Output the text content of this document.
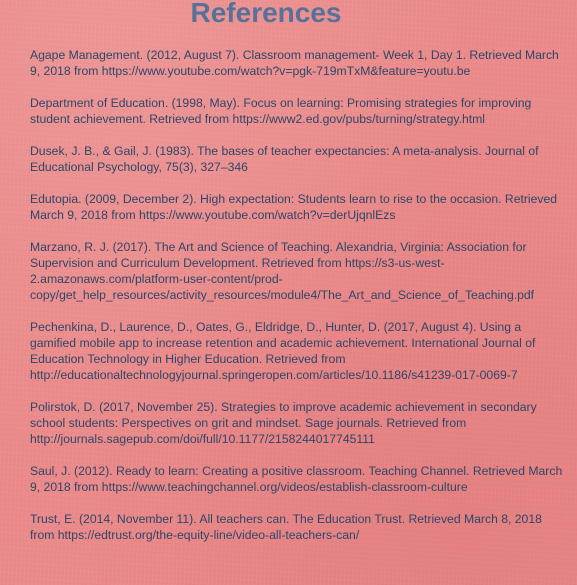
References
Agape Management. (2012, August 7). Classroom management- Week 1, Day 1. Retrieved March 9, 2018 from https://www.youtube.com/watch?v=pgk-719mTxM&feature=youtu.be
Department of Education. (1998, May). Focus on learning: Promising strategies for improving student achievement. Retrieved from https://www2.ed.gov/pubs/turning/strategy.html
Dusek, J. B., & Gail, J. (1983). The bases of teacher expectancies: A meta-analysis. Journal of Educational Psychology, 75(3), 327–346
Edutopia. (2009, December 2). High expectation: Students learn to rise to the occasion. Retrieved March 9, 2018 from https://www.youtube.com/watch?v=derUjqnlEzs
Marzano, R. J. (2017). The Art and Science of Teaching. Alexandria, Virginia: Association for Supervision and Curriculum Development. Retrieved from https://s3-us-west-2.amazonaws.com/platform-user-content/prod-copy/get_help_resources/activity_resources/module4/The_Art_and_Science_of_Teaching.pdf
Pechenkina, D., Laurence, D., Oates, G., Eldridge, D., Hunter, D. (2017, August 4). Using a gamified mobile app to increase retention and academic achievement. International Journal of Education Technology in Higher Education. Retrieved from http://educationaltechnologyjournal.springeropen.com/articles/10.1186/s41239-017-0069-7
Polirstok, D. (2017, November 25). Strategies to improve academic achievement in secondary school students: Perspectives on grit and mindset. Sage journals. Retrieved from http://journals.sagepub.com/doi/full/10.1177/2158244017745111
Saul, J. (2012). Ready to learn: Creating a positive classroom. Teaching Channel. Retrieved March 9, 2018 from https://www.teachingchannel.org/videos/establish-classroom-culture
Trust, E. (2014, November 11). All teachers can. The Education Trust. Retrieved March 8, 2018 from https://edtrust.org/the-equity-line/video-all-teachers-can/
